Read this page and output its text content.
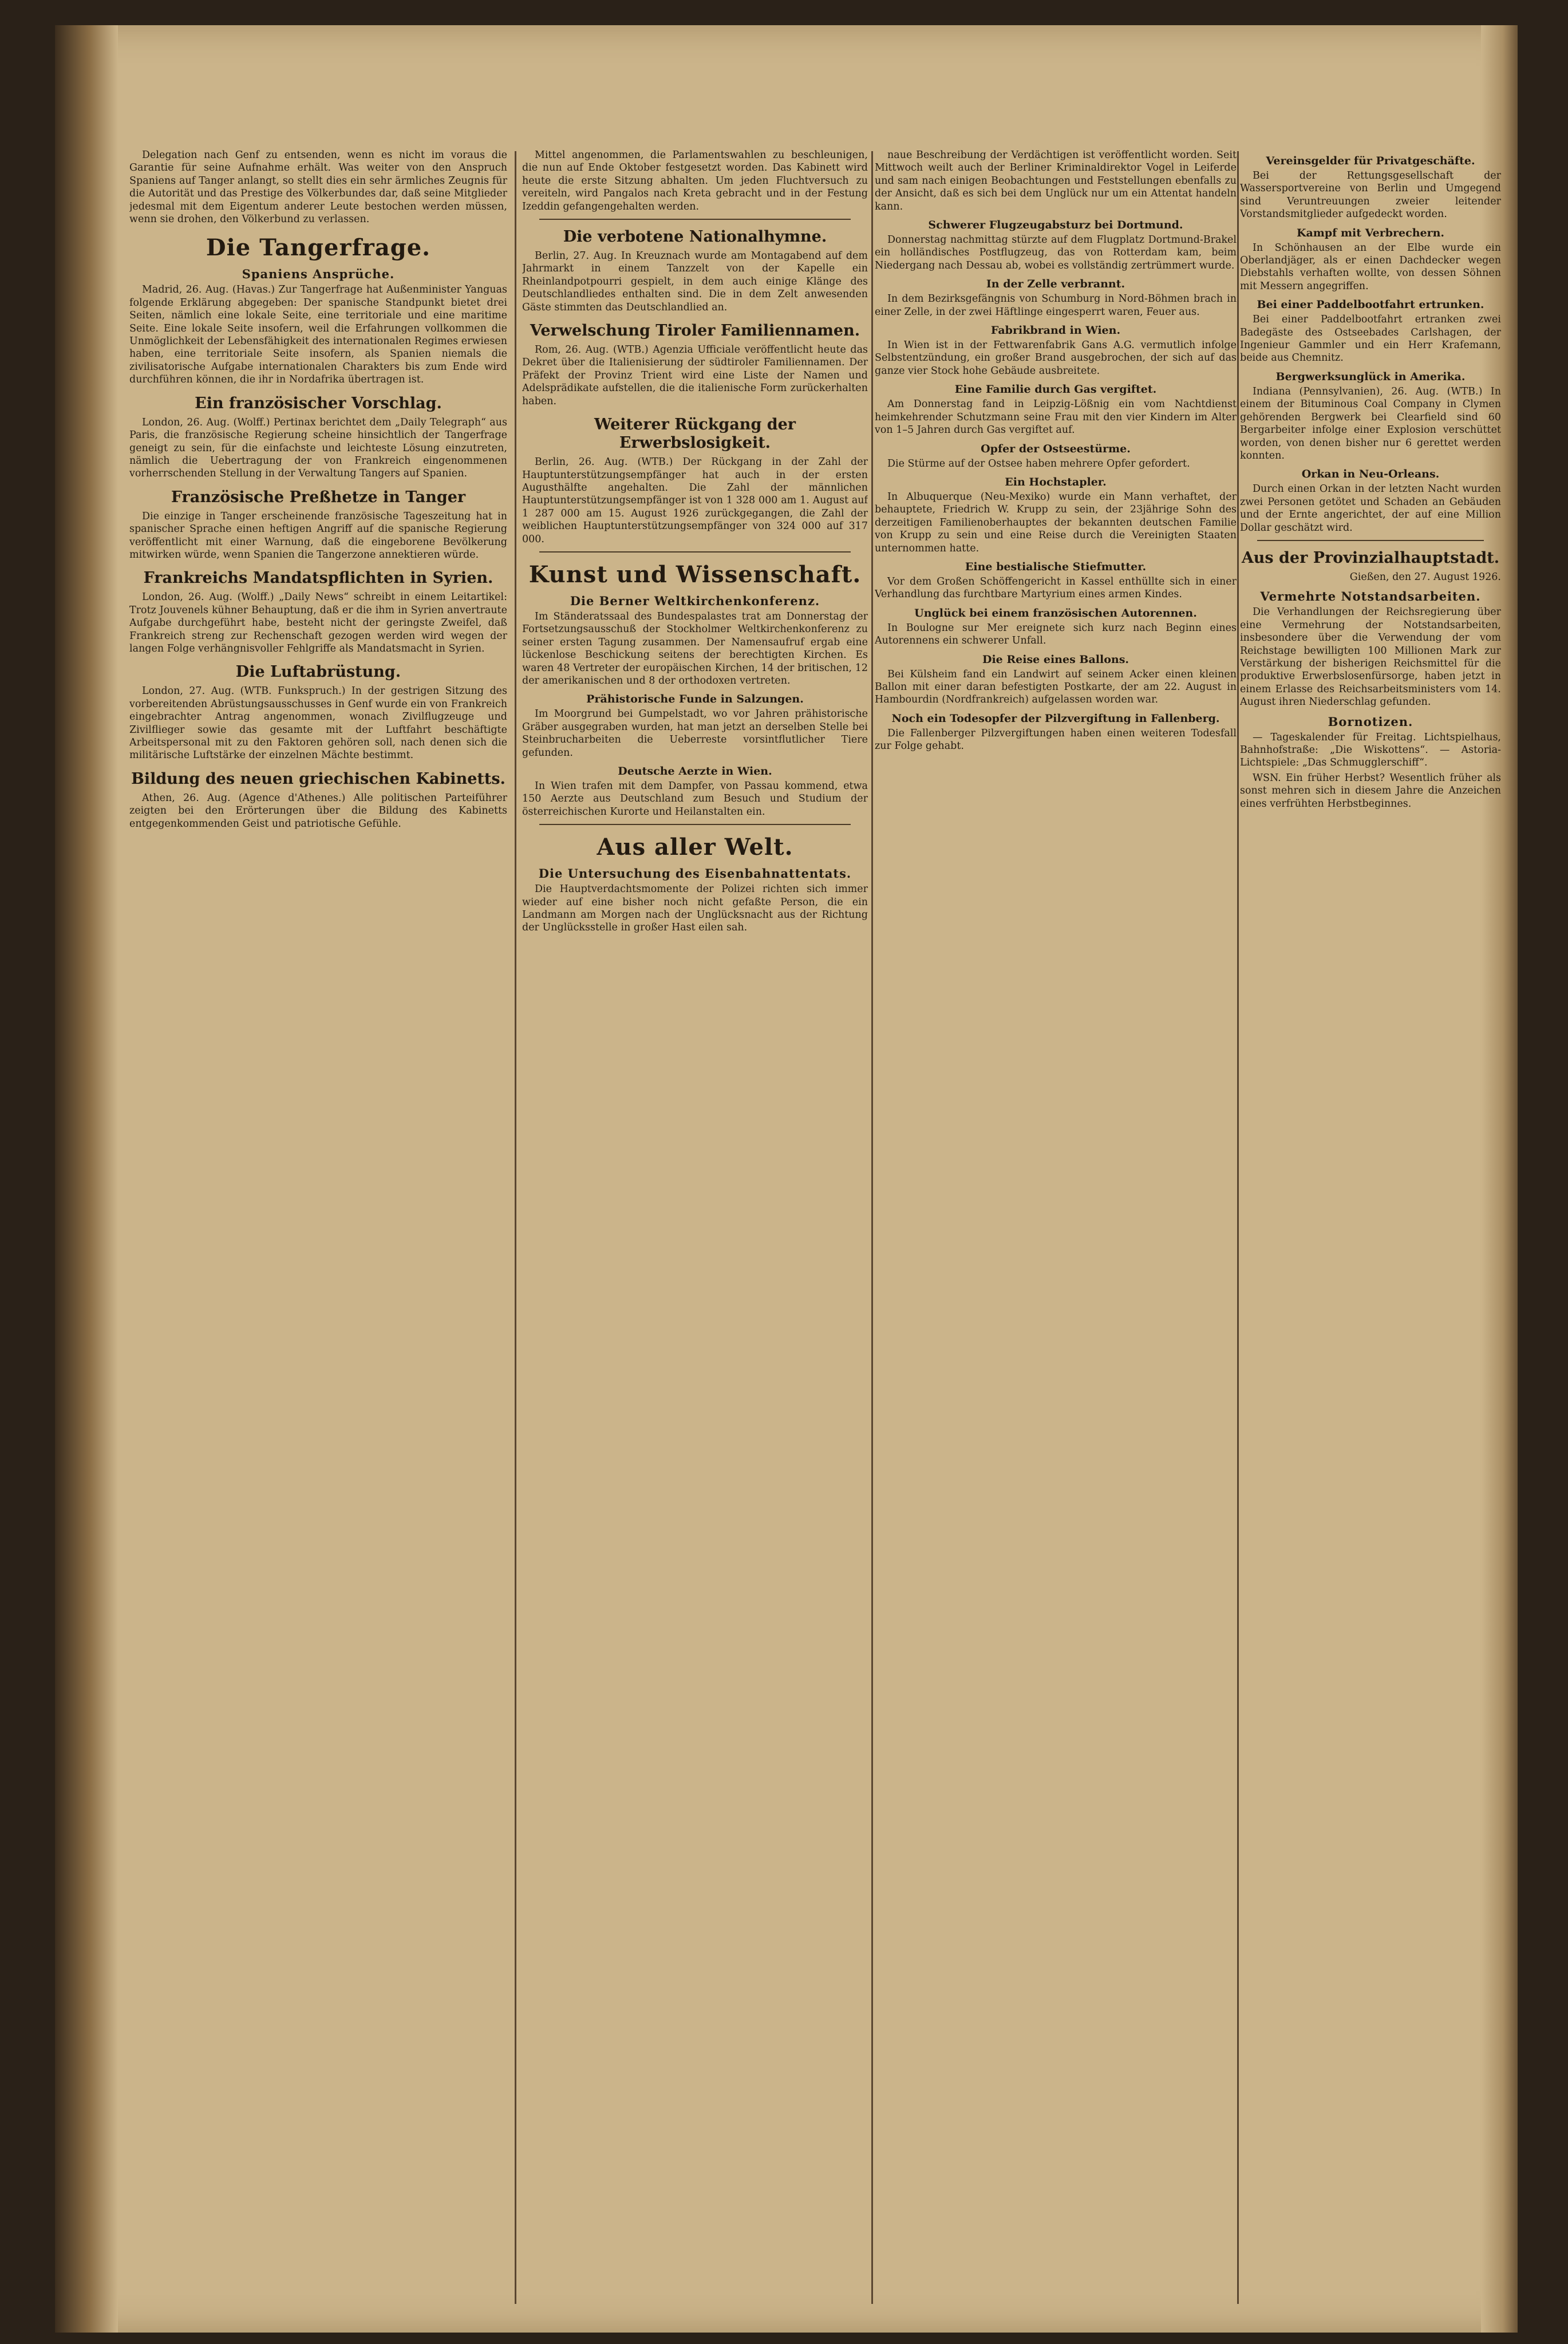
Delegation nach Genf zu entsenden, wenn es nicht im voraus die Garantie für seine Aufnahme erhält. Was weiter von den Anspruch Spaniens auf Tanger anlangt, so stellt dies ein sehr ärmliches Zeugnis für die Autorität und das Prestige des Völkerbundes dar, daß seine Mitglieder jedesmal mit dem Eigentum anderer Leute bestochen werden müssen, wenn sie drohen, den Völkerbund zu verlassen.

Die Tangerfrage.
Spaniens Ansprüche.

Madrid, 26. Aug. (Havas.) Zur Tangerfrage hat Außenminister Yanguas folgende Erklärung abgegeben: Der spanische Standpunkt bietet drei Seiten, nämlich eine lokale Seite, eine territoriale und eine maritime Seite. Eine lokale Seite insofern, weil die Erfahrungen vollkommen die Unmöglichkeit der Lebensfähigkeit des internationalen Regimes erwiesen haben, eine territoriale Seite insofern, als Spanien niemals die zivilisatorische Aufgabe internationalen Charakters bis zum Ende wird durchführen können, die ihr in Nordafrika übertragen ist.

Ein französischer Vorschlag.

London, 26. Aug. (Wolff.) Pertinax berichtet dem „Daily Telegraph“ aus Paris, die französische Regierung scheine hinsichtlich der Tangerfrage geneigt zu sein, für die einfachste und leichteste Lösung einzutreten, nämlich die Uebertragung der von Frankreich eingenommenen vorherrschenden Stellung in der Verwaltung Tangers auf Spanien.

Französische Preßhetze in Tanger

Die einzige in Tanger erscheinende französische Tageszeitung hat in spanischer Sprache einen heftigen Angriff auf die spanische Regierung veröffentlicht mit einer Warnung, daß die eingeborene Bevölkerung mitwirken würde, wenn Spanien die Tangerzone annektieren würde.

Frankreichs Mandatspflichten in Syrien.

London, 26. Aug. (Wolff.) „Daily News“ schreibt in einem Leitartikel: Trotz Jouvenels kühner Behauptung, daß er die ihm in Syrien anvertraute Aufgabe durchgeführt habe, besteht nicht der geringste Zweifel, daß Frankreich streng zur Rechenschaft gezogen werden wird wegen der langen Folge verhängnisvoller Fehlgriffe als Mandatsmacht in Syrien.

Die Luftabrüstung.

London, 27. Aug. (WTB. Funkspruch.) In der gestrigen Sitzung des vorbereitenden Abrüstungsausschusses in Genf wurde ein von Frankreich eingebrachter Antrag angenommen, wonach Zivilflugzeuge und Zivilflieger sowie das gesamte mit der Luftfahrt beschäftigte Arbeitspersonal mit zu den Faktoren gehören soll, nach denen sich die militärische Luftstärke der einzelnen Mächte bestimmt.

Bildung des neuen griechischen Kabinetts.

Athen, 26. Aug. (Agence d'Athenes.) Alle politischen Parteiführer zeigten bei den Erörterungen über die Bildung des Kabinetts entgegenkommenden Geist und patriotische Gefühle.

Mittel angenommen, die Parlamentswahlen zu beschleunigen, die nun auf Ende Oktober festgesetzt worden. Das Kabinett wird heute die erste Sitzung abhalten. Um jeden Fluchtversuch zu vereiteln, wird Pangalos nach Kreta gebracht und in der Festung Izeddin gefangengehalten werden.

Die verbotene Nationalhymne.

Berlin, 27. Aug. In Kreuznach wurde am Montagabend auf dem Jahrmarkt in einem Tanzzelt von der Kapelle ein Rheinlandpotpourri gespielt, in dem auch einige Klänge des Deutschlandliedes enthalten sind. Die in dem Zelt anwesenden Gäste stimmten das Deutschlandlied an.

Verwelschung Tiroler Familiennamen.

Rom, 26. Aug. (WTB.) Agenzia Ufficiale veröffentlicht heute das Dekret über die Italienisierung der südtiroler Familiennamen. Der Präfekt der Provinz Trient wird eine Liste der Namen und Adelsprädikate aufstellen, die die italienische Form zurückerhalten haben.

Weiterer Rückgang der Erwerbslosigkeit.

Berlin, 26. Aug. (WTB.) Der Rückgang in der Zahl der Hauptunterstützungsempfänger hat auch in der ersten Augusthälfte angehalten. Die Zahl der männlichen Hauptunterstützungsempfänger ist von 1 328 000 am 1. August auf 1 287 000 am 15. August 1926 zurückgegangen, die Zahl der weiblichen Hauptunterstützungsempfänger von 324 000 auf 317 000.

Kunst und Wissenschaft.
Die Berner Weltkirchenkonferenz.

Im Ständeratssaal des Bundespalastes trat am Donnerstag der Fortsetzungsausschuß der Stockholmer Weltkirchenkonferenz zu seiner ersten Tagung zusammen. Der Namensaufruf ergab eine lückenlose Beschickung seitens der berechtigten Kirchen. Es waren 48 Vertreter der europäischen Kirchen, 14 der britischen, 12 der amerikanischen und 8 der orthodoxen vertreten.

Prähistorische Funde in Salzungen.

Im Moorgrund bei Gumpelstadt, wo vor Jahren prähistorische Gräber ausgegraben wurden, hat man jetzt an derselben Stelle bei Steinbrucharbeiten die Ueberreste vorsintflutlicher Tiere gefunden.

Deutsche Aerzte in Wien.

In Wien trafen mit dem Dampfer, von Passau kommend, etwa 150 Aerzte aus Deutschland zum Besuch und Studium der österreichischen Kurorte und Heilanstalten ein.

Aus aller Welt.
Die Untersuchung des Eisenbahnattentats.

Die Hauptverdachtsmomente der Polizei richten sich immer wieder auf eine bisher noch nicht gefaßte Person, die ein Landmann am Morgen nach der Unglücksnacht aus der Richtung der Unglücksstelle in großer Hast eilen sah.

naue Beschreibung der Verdächtigen ist veröffentlicht worden. Seit Mittwoch weilt auch der Berliner Kriminaldirektor Vogel in Leiferde und sam nach einigen Beobachtungen und Feststellungen ebenfalls zu der Ansicht, daß es sich bei dem Unglück nur um ein Attentat handeln kann.

Schwerer Flugzeugabsturz bei Dortmund.

Donnerstag nachmittag stürzte auf dem Flugplatz Dortmund-Brakel ein holländisches Postflugzeug, das von Rotterdam kam, beim Niedergang nach Dessau ab, wobei es vollständig zertrümmert wurde.

In der Zelle verbrannt.

In dem Bezirksgefängnis von Schumburg in Nord-Böhmen brach in einer Zelle, in der zwei Häftlinge eingesperrt waren, Feuer aus.

Fabrikbrand in Wien.

In Wien ist in der Fettwarenfabrik Gans A.G. vermutlich infolge Selbstentzündung, ein großer Brand ausgebrochen, der sich auf das ganze vier Stock hohe Gebäude ausbreitete.

Eine Familie durch Gas vergiftet.

Am Donnerstag fand in Leipzig-Lößnig ein vom Nachtdienst heimkehrender Schutzmann seine Frau mit den vier Kindern im Alter von 1–5 Jahren durch Gas vergiftet auf.

Opfer der Ostseestürme.

Die Stürme auf der Ostsee haben mehrere Opfer gefordert.

Ein Hochstapler.

In Albuquerque (Neu-Mexiko) wurde ein Mann verhaftet, der behauptete, Friedrich W. Krupp zu sein, der 23jährige Sohn des derzeitigen Familienoberhauptes der bekannten deutschen Familie von Krupp zu sein und eine Reise durch die Vereinigten Staaten unternommen hatte.

Eine bestialische Stiefmutter.

Vor dem Großen Schöffengericht in Kassel enthüllte sich in einer Verhandlung das furchtbare Martyrium eines armen Kindes.

Unglück bei einem französischen Autorennen.

In Boulogne sur Mer ereignete sich kurz nach Beginn eines Autorennens ein schwerer Unfall.

Die Reise eines Ballons.

Bei Külsheim fand ein Landwirt auf seinem Acker einen kleinen Ballon mit einer daran befestigten Postkarte, der am 22. August in Hambourdin (Nordfrankreich) aufgelassen worden war.

Noch ein Todesopfer der Pilzvergiftung in Fallenberg.

Die Fallenberger Pilzvergiftungen haben einen weiteren Todesfall zur Folge gehabt.

Vereinsgelder für Privatgeschäfte.

Bei der Rettungsgesellschaft der Wassersportvereine von Berlin und Umgegend sind Veruntreuungen zweier leitender Vorstandsmitglieder aufgedeckt worden.

Kampf mit Verbrechern.

In Schönhausen an der Elbe wurde ein Oberlandjäger, als er einen Dachdecker wegen Diebstahls verhaften wollte, von dessen Söhnen mit Messern angegriffen.

Bei einer Paddelbootfahrt ertrunken.

Bei einer Paddelbootfahrt ertranken zwei Badegäste des Ostseebades Carlshagen, der Ingenieur Gammler und ein Herr Krafemann, beide aus Chemnitz.

Bergwerksunglück in Amerika.

Indiana (Pennsylvanien), 26. Aug. (WTB.) In einem der Bituminous Coal Company in Clymen gehörenden Bergwerk bei Clearfield sind 60 Bergarbeiter infolge einer Explosion verschüttet worden, von denen bisher nur 6 gerettet werden konnten.

Orkan in Neu-Orleans.

Durch einen Orkan in der letzten Nacht wurden zwei Personen getötet und Schaden an Gebäuden und der Ernte angerichtet, der auf eine Million Dollar geschätzt wird.

Aus der Provinzialhauptstadt.

Gießen, den 27. August 1926.

Vermehrte Notstandsarbeiten.

Die Verhandlungen der Reichsregierung über eine Vermehrung der Notstandsarbeiten, insbesondere über die Verwendung der vom Reichstage bewilligten 100 Millionen Mark zur Verstärkung der bisherigen Reichsmittel für die produktive Erwerbslosenfürsorge, haben jetzt in einem Erlasse des Reichsarbeitsministers vom 14. August ihren Niederschlag gefunden.

Bornotizen.

— Tageskalender für Freitag. Lichtspielhaus, Bahnhofstraße: „Die Wiskottens“. — Astoria-Lichtspiele: „Das Schmugglerschiff“.

WSN. Ein früher Herbst? Wesentlich früher als sonst mehren sich in diesem Jahre die Anzeichen eines verfrühten Herbstbeginnes.
